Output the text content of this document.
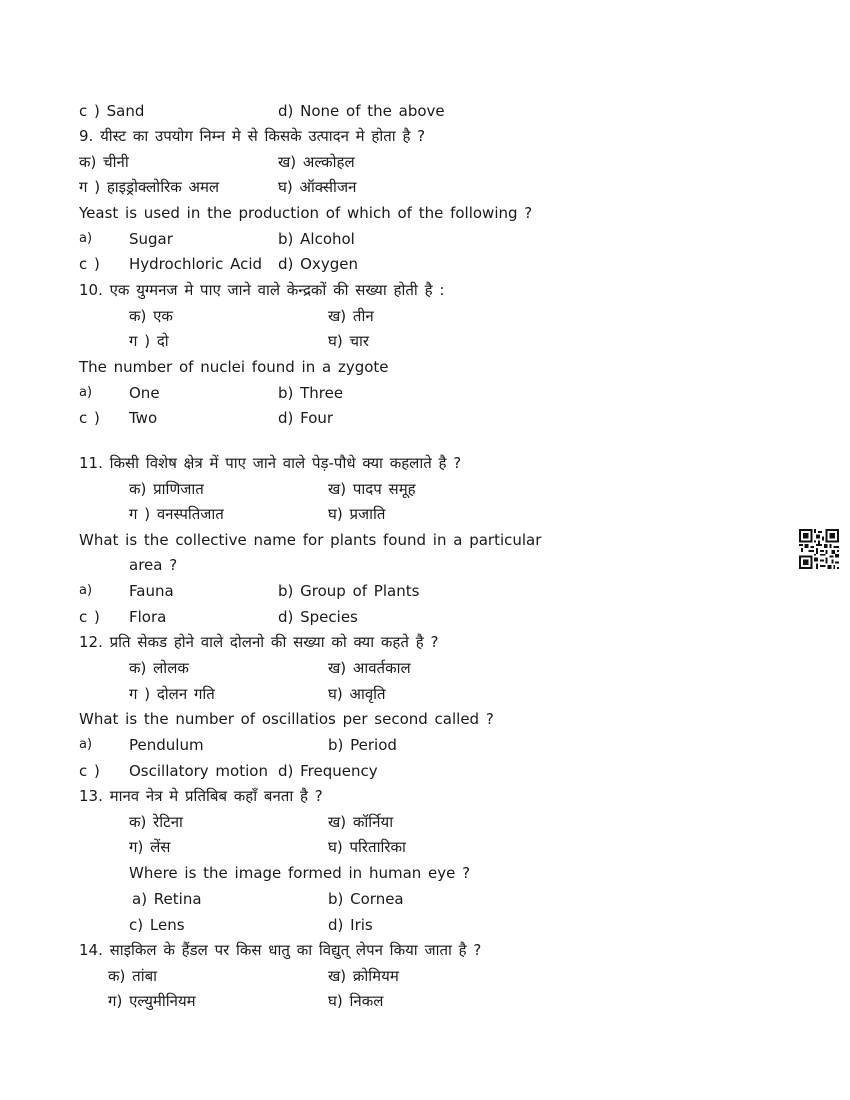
c ) Sand	d) None of the above
9. यीस्ट का उपयोग निम्न मे से किसके उत्पादन मे होता है ?
क) चीनी	ख) अल्कोहल
ग ) हाइड्रोक्लोरिक अमल	घ) ऑक्सीजन
Yeast is used in the production of which of the following ?
a) Sugar	b) Alcohol
c ) Hydrochloric Acid d) Oxygen
10. एक युग्मनज मे पाए जाने वाले केन्द्रकों की सख्या होती है :
क) एक	ख) तीन
ग ) दो	घ) चार
The number of nuclei found in a zygote
a) One	b) Three
c ) Two	d) Four
11. किसी विशेष क्षेत्र में पाए जाने वाले पेड़-पौधे क्या कहलाते है ?
क) प्राणिजात	ख) पादप समूह
ग ) वनस्पतिजात	घ) प्रजाति
What is the collective name for plants found in a particular
area ?
a) Fauna	b) Group of Plants
c ) Flora	d) Species
12. प्रति सेकड होने वाले दोलनो की सख्या को क्या कहते है ?
क) लोलक	ख) आवर्तकाल
ग ) दोलन गति	घ) आवृति
What is the number of oscillatios per second called ?
a) Pendulum	b) Period
c ) Oscillatory motion d) Frequency
13. मानव नेत्र मे प्रतिबिब कहाँ बनता है ?
क) रेटिना	ख) कॉर्निया
ग) लेंस	घ) परितारिका
Where is the image formed in human eye ?
a) Retina	b) Cornea
c) Lens	d) Iris
14. साइकिल के हैंडल पर किस धातु का विद्युत् लेपन किया जाता है ?
क) तांबा	ख) क्रोमियम
ग) एल्युमीनियम	घ) निकल
